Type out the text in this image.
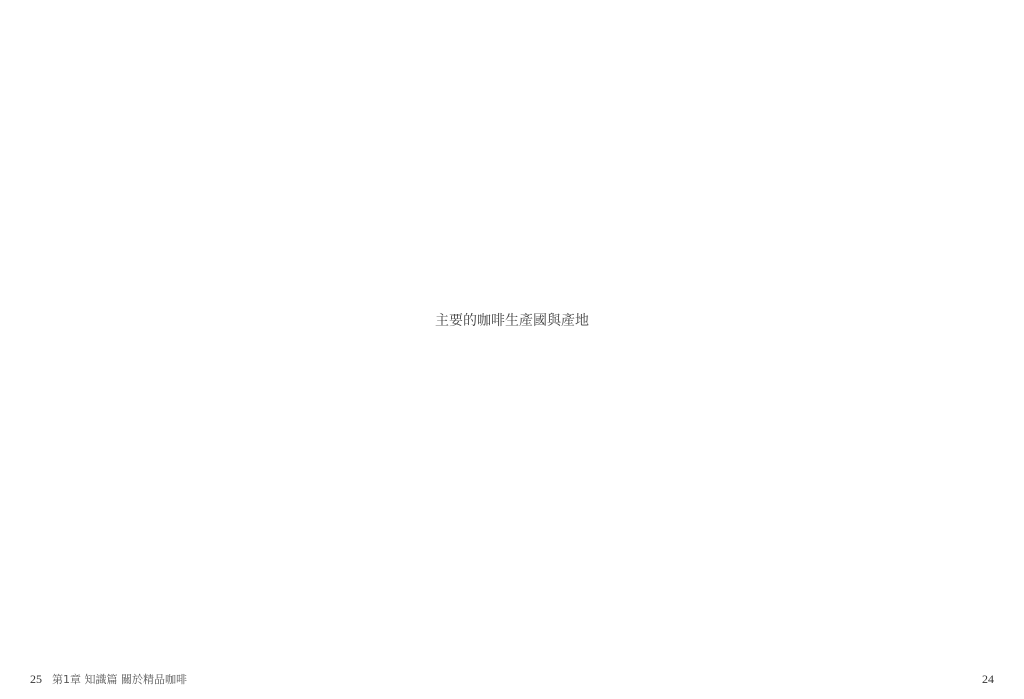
主要的咖啡生產國與產地
第1章 知識篇 關於精品咖啡
25	24
